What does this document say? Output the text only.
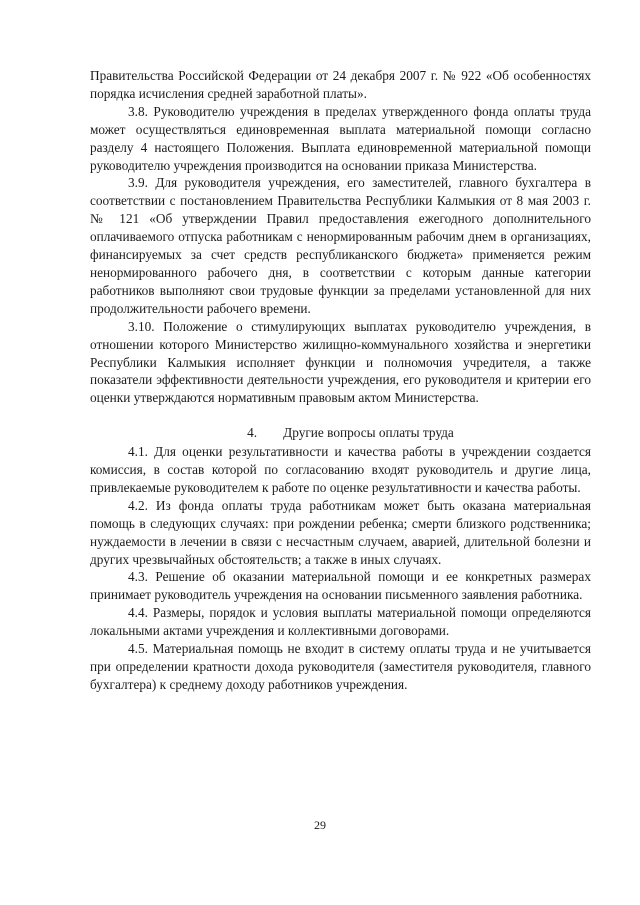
Правительства Российской Федерации от 24 декабря 2007 г. № 922 «Об особенностях порядка исчисления средней заработной платы».

3.8. Руководителю учреждения в пределах утвержденного фонда оплаты труда может осуществляться единовременная выплата материальной помощи согласно разделу 4 настоящего Положения. Выплата единовременной материальной помощи руководителю учреждения производится на основании приказа Министерства.

3.9. Для руководителя учреждения, его заместителей, главного бухгалтера в соответствии с постановлением Правительства Республики Калмыкия от 8 мая 2003 г. № 121 «Об утверждении Правил предоставления ежегодного дополнительного оплачиваемого отпуска работникам с ненормированным рабочим днем в организациях, финансируемых за счет средств республиканского бюджета» применяется режим ненормированного рабочего дня, в соответствии с которым данные категории работников выполняют свои трудовые функции за пределами установленной для них продолжительности рабочего времени.

3.10. Положение о стимулирующих выплатах руководителю учреждения, в отношении которого Министерство жилищно-коммунального хозяйства и энергетики Республики Калмыкия исполняет функции и полномочия учредителя, а также показатели эффективности деятельности учреждения, его руководителя и критерии его оценки утверждаются нормативным правовым актом Министерства.

4. Другие вопросы оплаты труда

4.1. Для оценки результативности и качества работы в учреждении создается комиссия, в состав которой по согласованию входят руководитель и другие лица, привлекаемые руководителем к работе по оценке результативности и качества работы.

4.2. Из фонда оплаты труда работникам может быть оказана материальная помощь в следующих случаях: при рождении ребенка; смерти близкого родственника; нуждаемости в лечении в связи с несчастным случаем, аварией, длительной болезни и других чрезвычайных обстоятельств; а также в иных случаях.

4.3. Решение об оказании материальной помощи и ее конкретных размерах принимает руководитель учреждения на основании письменного заявления работника.

4.4. Размеры, порядок и условия выплаты материальной помощи определяются локальными актами учреждения и коллективными договорами.

4.5. Материальная помощь не входит в систему оплаты труда и не учитывается при определении кратности дохода руководителя (заместителя руководителя, главного бухгалтера) к среднему доходу работников учреждения.

29
